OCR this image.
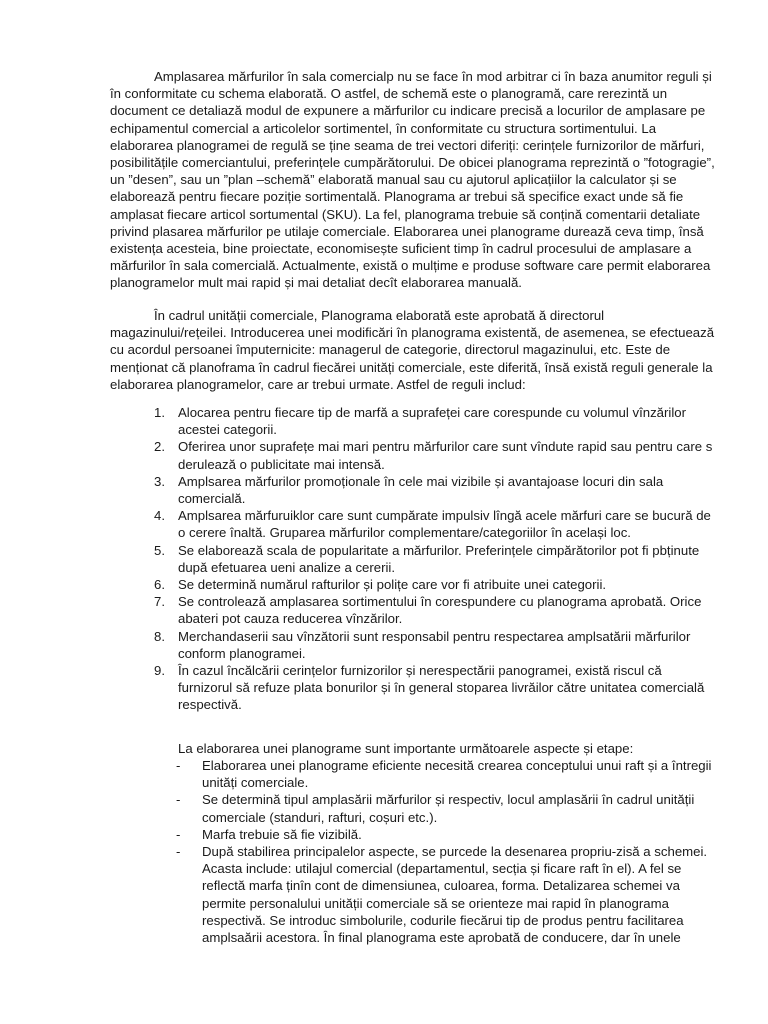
Amplasarea mărfurilor în sala comercialp nu se face în mod arbitrar ci în baza anumitor reguli și în conformitate cu schema elaborată. O astfel, de schemă este o planogramă, care rerezintă un document ce detaliază modul de expunere a mărfurilor cu indicare precisă a locurilor de amplasare pe echipamentul comercial a articolelor sortimentel, în conformitate cu structura sortimentului. La elaborarea planogramei de regulă se ține seama de trei vectori diferiți: cerințele furnizorilor de mărfuri, posibilitățile comerciantului, preferințele cumpărătorului. De obicei planograma reprezintă o ”fotogragie”, un ”desen”, sau un ”plan –schemă” elaborată manual sau cu ajutorul aplicațiilor la calculator și se elaborează pentru fiecare poziție sortimentală. Planograma ar trebui să specifice exact unde să fie amplasat fiecare articol sortumental (SKU). La fel, planograma trebuie să conțină comentarii detaliate privind plasarea mărfurilor pe utilaje comerciale. Elaborarea unei planograme durează ceva timp, însă existența acesteia, bine proiectate, economisește suficient timp în cadrul procesului de amplasare a mărfurilor în sala comercială. Actualmente, există o mulțime e produse software care permit elaborarea planogramelor mult mai rapid și mai detaliat decît elaborarea manuală.

În cadrul unității comerciale, Planograma elaborată este aprobată ă directorul magazinului/rețeilei. Introducerea unei modificări în planograma existentă, de asemenea, se efectuează cu acordul persoanei împuternicite: managerul de categorie, directorul magazinului, etc. Este de menționat că planoframa în cadrul fiecărei unități comerciale, este diferită, însă există reguli generale la elaborarea planogramelor, care ar trebui urmate. Astfel de reguli includ:

1. Alocarea pentru fiecare tip de marfă a suprafeței care corespunde cu volumul vînzărilor acestei categorii.
2. Oferirea unor suprafețe mai mari pentru mărfurilor care sunt vîndute rapid sau pentru care s derulează o publicitate mai intensă.
3. Amplsarea mărfurilor promoționale în cele mai vizibile și avantajoase locuri din sala comercială.
4. Amplsarea mărfuruiklor care sunt cumpărate impulsiv lîngă acele mărfuri care se bucură de o cerere înaltă. Gruparea mărfurilor complementare/categoriilor în același loc.
5. Se elaborează scala de popularitate a mărfurilor. Preferințele cimpărătorilor pot fi pbținute după efetuarea ueni analize a cererii.
6. Se determină numărul rafturilor și polițe care vor fi atribuite unei categorii.
7. Se controlează amplasarea sortimentului în corespundere cu planograma aprobată. Orice abateri pot cauza reducerea vînzărilor.
8. Merchandaserii sau vînzătorii sunt responsabil pentru respectarea amplsatării mărfurilor conform planogramei.
9. În cazul încălcării cerințelor furnizorilor și nerespectării panogramei, există riscul că furnizorul să refuze plata bonurilor și în general stoparea livrăilor către unitatea comercială respectivă.

La elaborarea unei planograme sunt importante următoarele aspecte și etape:

- Elaborarea unei planograme eficiente necesită crearea conceptului unui raft și a întregii unități comerciale.
- Se determină tipul amplasării mărfurilor și respectiv, locul amplasării în cadrul unității comerciale (standuri, rafturi, coșuri etc.).
- Marfa trebuie să fie vizibilă.
- După stabilirea principalelor aspecte, se purcede la desenarea propriu-zisă a schemei. Acasta include: utilajul comercial (departamentul, secția și ficare raft în el). A fel se reflectă marfa ținîn cont de dimensiunea, culoarea, forma. Detalizarea schemei va permite personalului unității comerciale să se orienteze mai rapid în planograma respectivă. Se introduc simbolurile, codurile fiecărui tip de produs pentru facilitarea amplsaării acestora. În final planograma este aprobată de conducere, dar în unele
